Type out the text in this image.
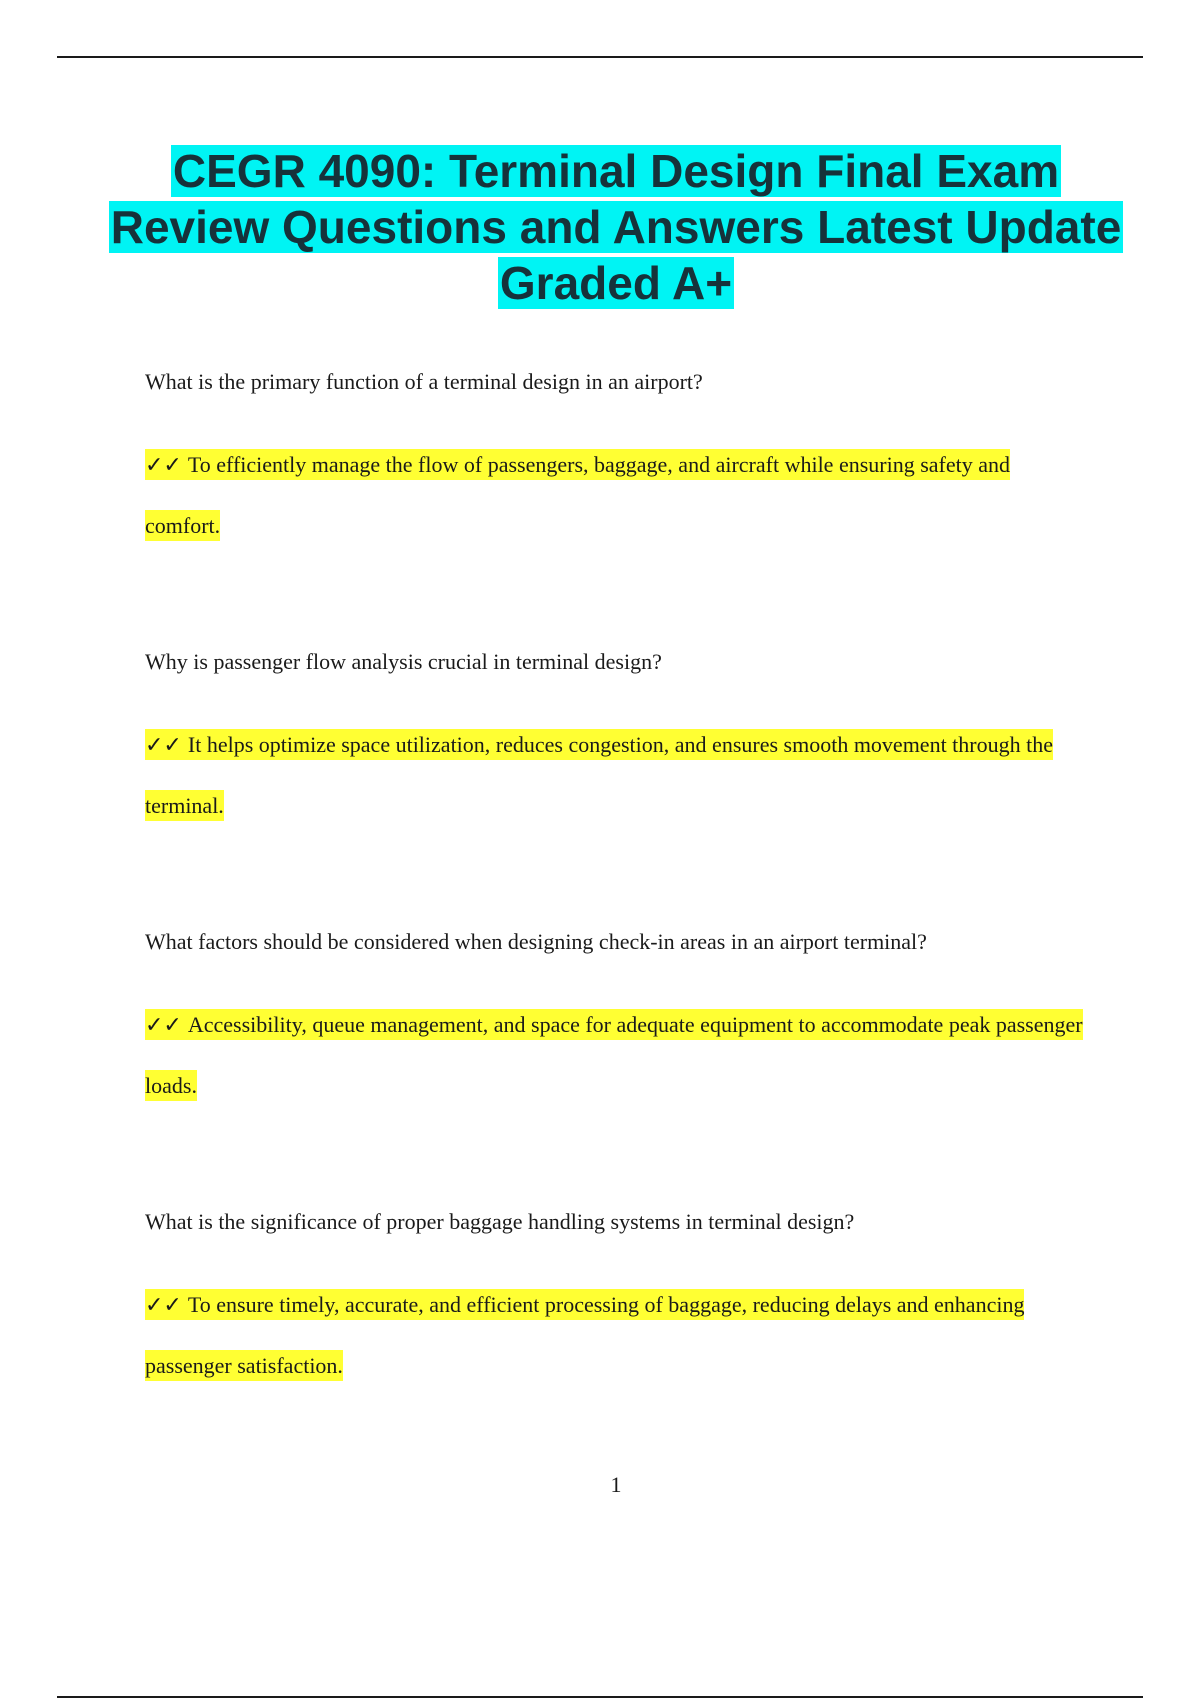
CEGR 4090: Terminal Design Final Exam Review Questions and Answers Latest Update Graded A+

What is the primary function of a terminal design in an airport?

✓✓ To efficiently manage the flow of passengers, baggage, and aircraft while ensuring safety and comfort.

Why is passenger flow analysis crucial in terminal design?

✓✓ It helps optimize space utilization, reduces congestion, and ensures smooth movement through the terminal.

What factors should be considered when designing check-in areas in an airport terminal?

✓✓ Accessibility, queue management, and space for adequate equipment to accommodate peak passenger loads.

What is the significance of proper baggage handling systems in terminal design?

✓✓ To ensure timely, accurate, and efficient processing of baggage, reducing delays and enhancing passenger satisfaction.

1
